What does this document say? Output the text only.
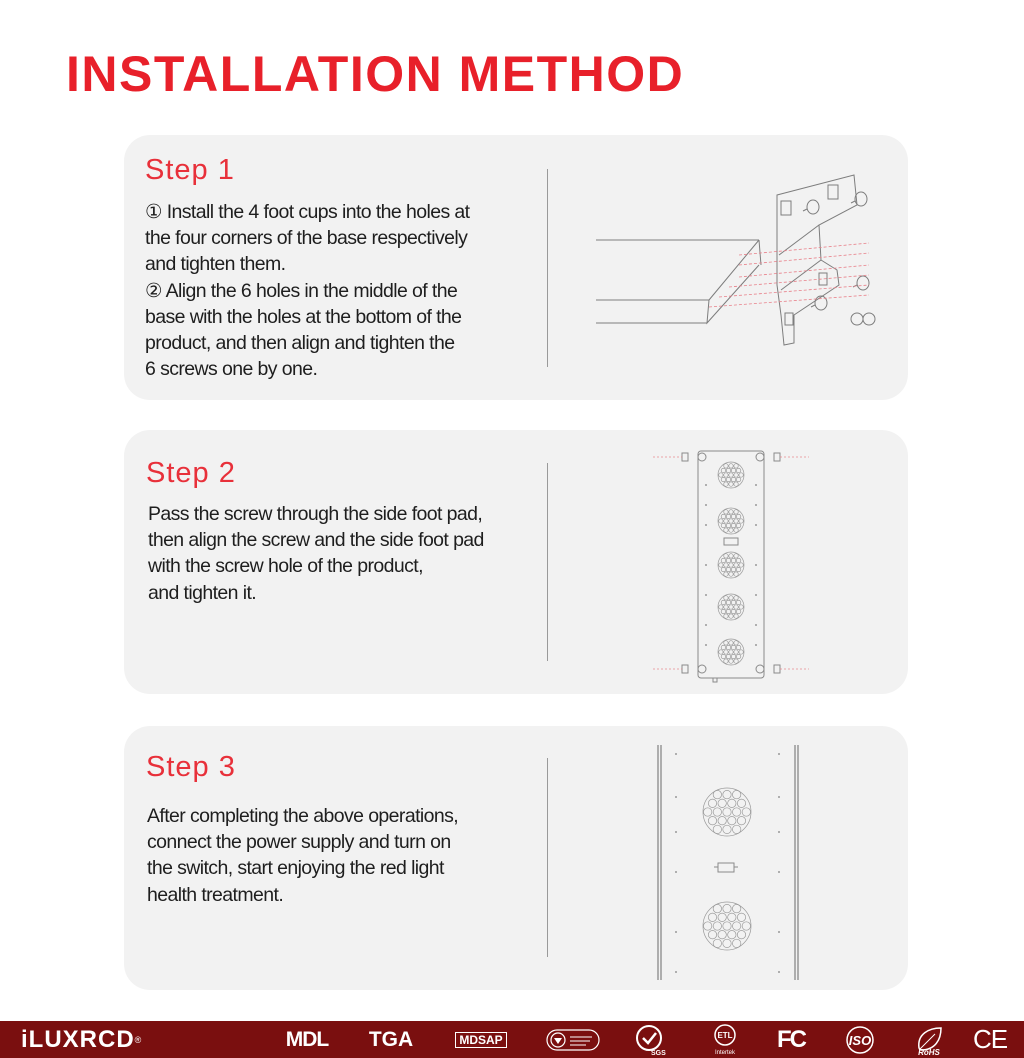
INSTALLATION METHOD
Step 1

① Install the 4 foot cups into the holes at

the four corners of the base respectively

and tighten them.

② Align the 6 holes in the middle of the

base with the holes at the bottom of the

product, and then align and tighten the

6 screws one by one.

Step 2

Pass the screw through the side foot pad,

then align the screw and the side foot pad

with the screw hole of the product,

and tighten it.

Step 3

After completing the above operations,

connect the power supply and turn on

the switch, start enjoying the red light

health treatment.

iLUXRCD®	MDL TGA	MDSAP
SGS
ETL
Intertek FC	ISO
RoHS CE
